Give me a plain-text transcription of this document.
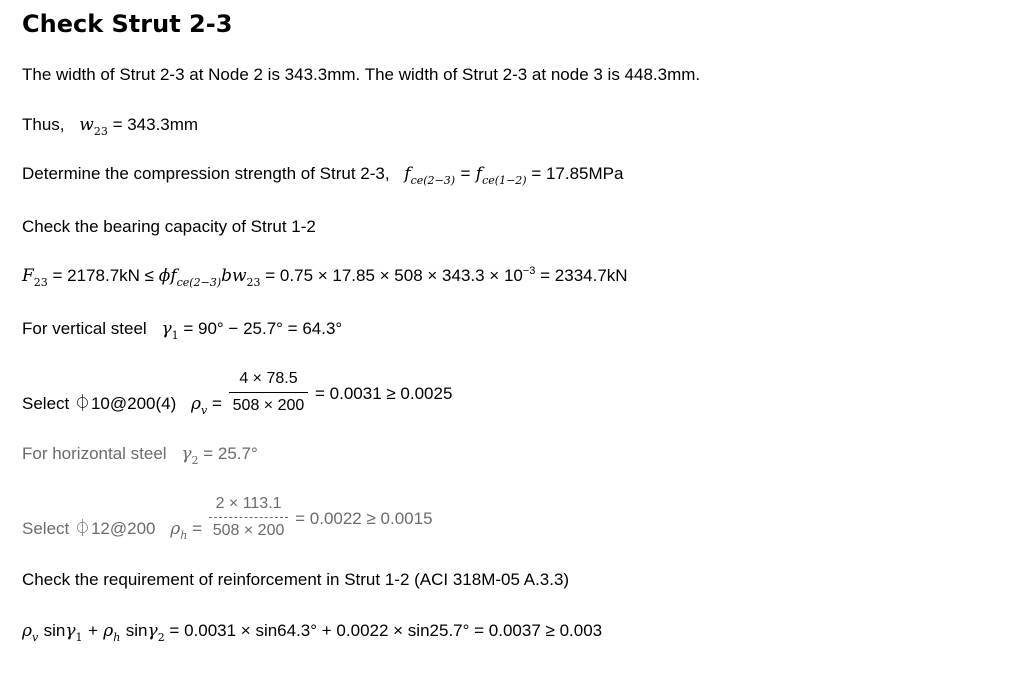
Check Strut 2-3
The width of Strut 2-3 at Node 2 is 343.3mm. The width of Strut 2-3 at node 3 is 448.3mm.
Thus, $w_{23} = 343.3mm$
Determine the compression strength of Strut 2-3, $f_{ce(2-3)} = f_{ce(1-2)} = 17.85MPa$
Check the bearing capacity of Strut 1-2
$F_{23} = 2178.7kN \le \phi f_{ce(2-3)}bw_{23} = 0.75 \times 17.85 \times 508 \times 343.3 \times 10^{-3} = 2334.7kN$
For vertical steel $\gamma_1 = 90^\circ - 25.7^\circ = 64.3^\circ$
Select ⏀10@200(4) $\rho_v = \frac{4 \times 78.5}{508 \times 200} = 0.0031 \ge 0.0025$
For horizontal steel $\gamma_2 = 25.7^\circ$
Select ⏀12@200 $\rho_h = \frac{2 \times 113.1}{508 \times 200} = 0.0022 \ge 0.0015$
Check the requirement of reinforcement in Strut 1-2 (ACI 318M-05 A.3.3)
$\rho_v$ $\sin\gamma_1 + \rho_h$ sinγ$_2$ = 0.0031 × sin64.3° + 0.0022 × sin25.7° = 0.0037 ≥ 0.003
